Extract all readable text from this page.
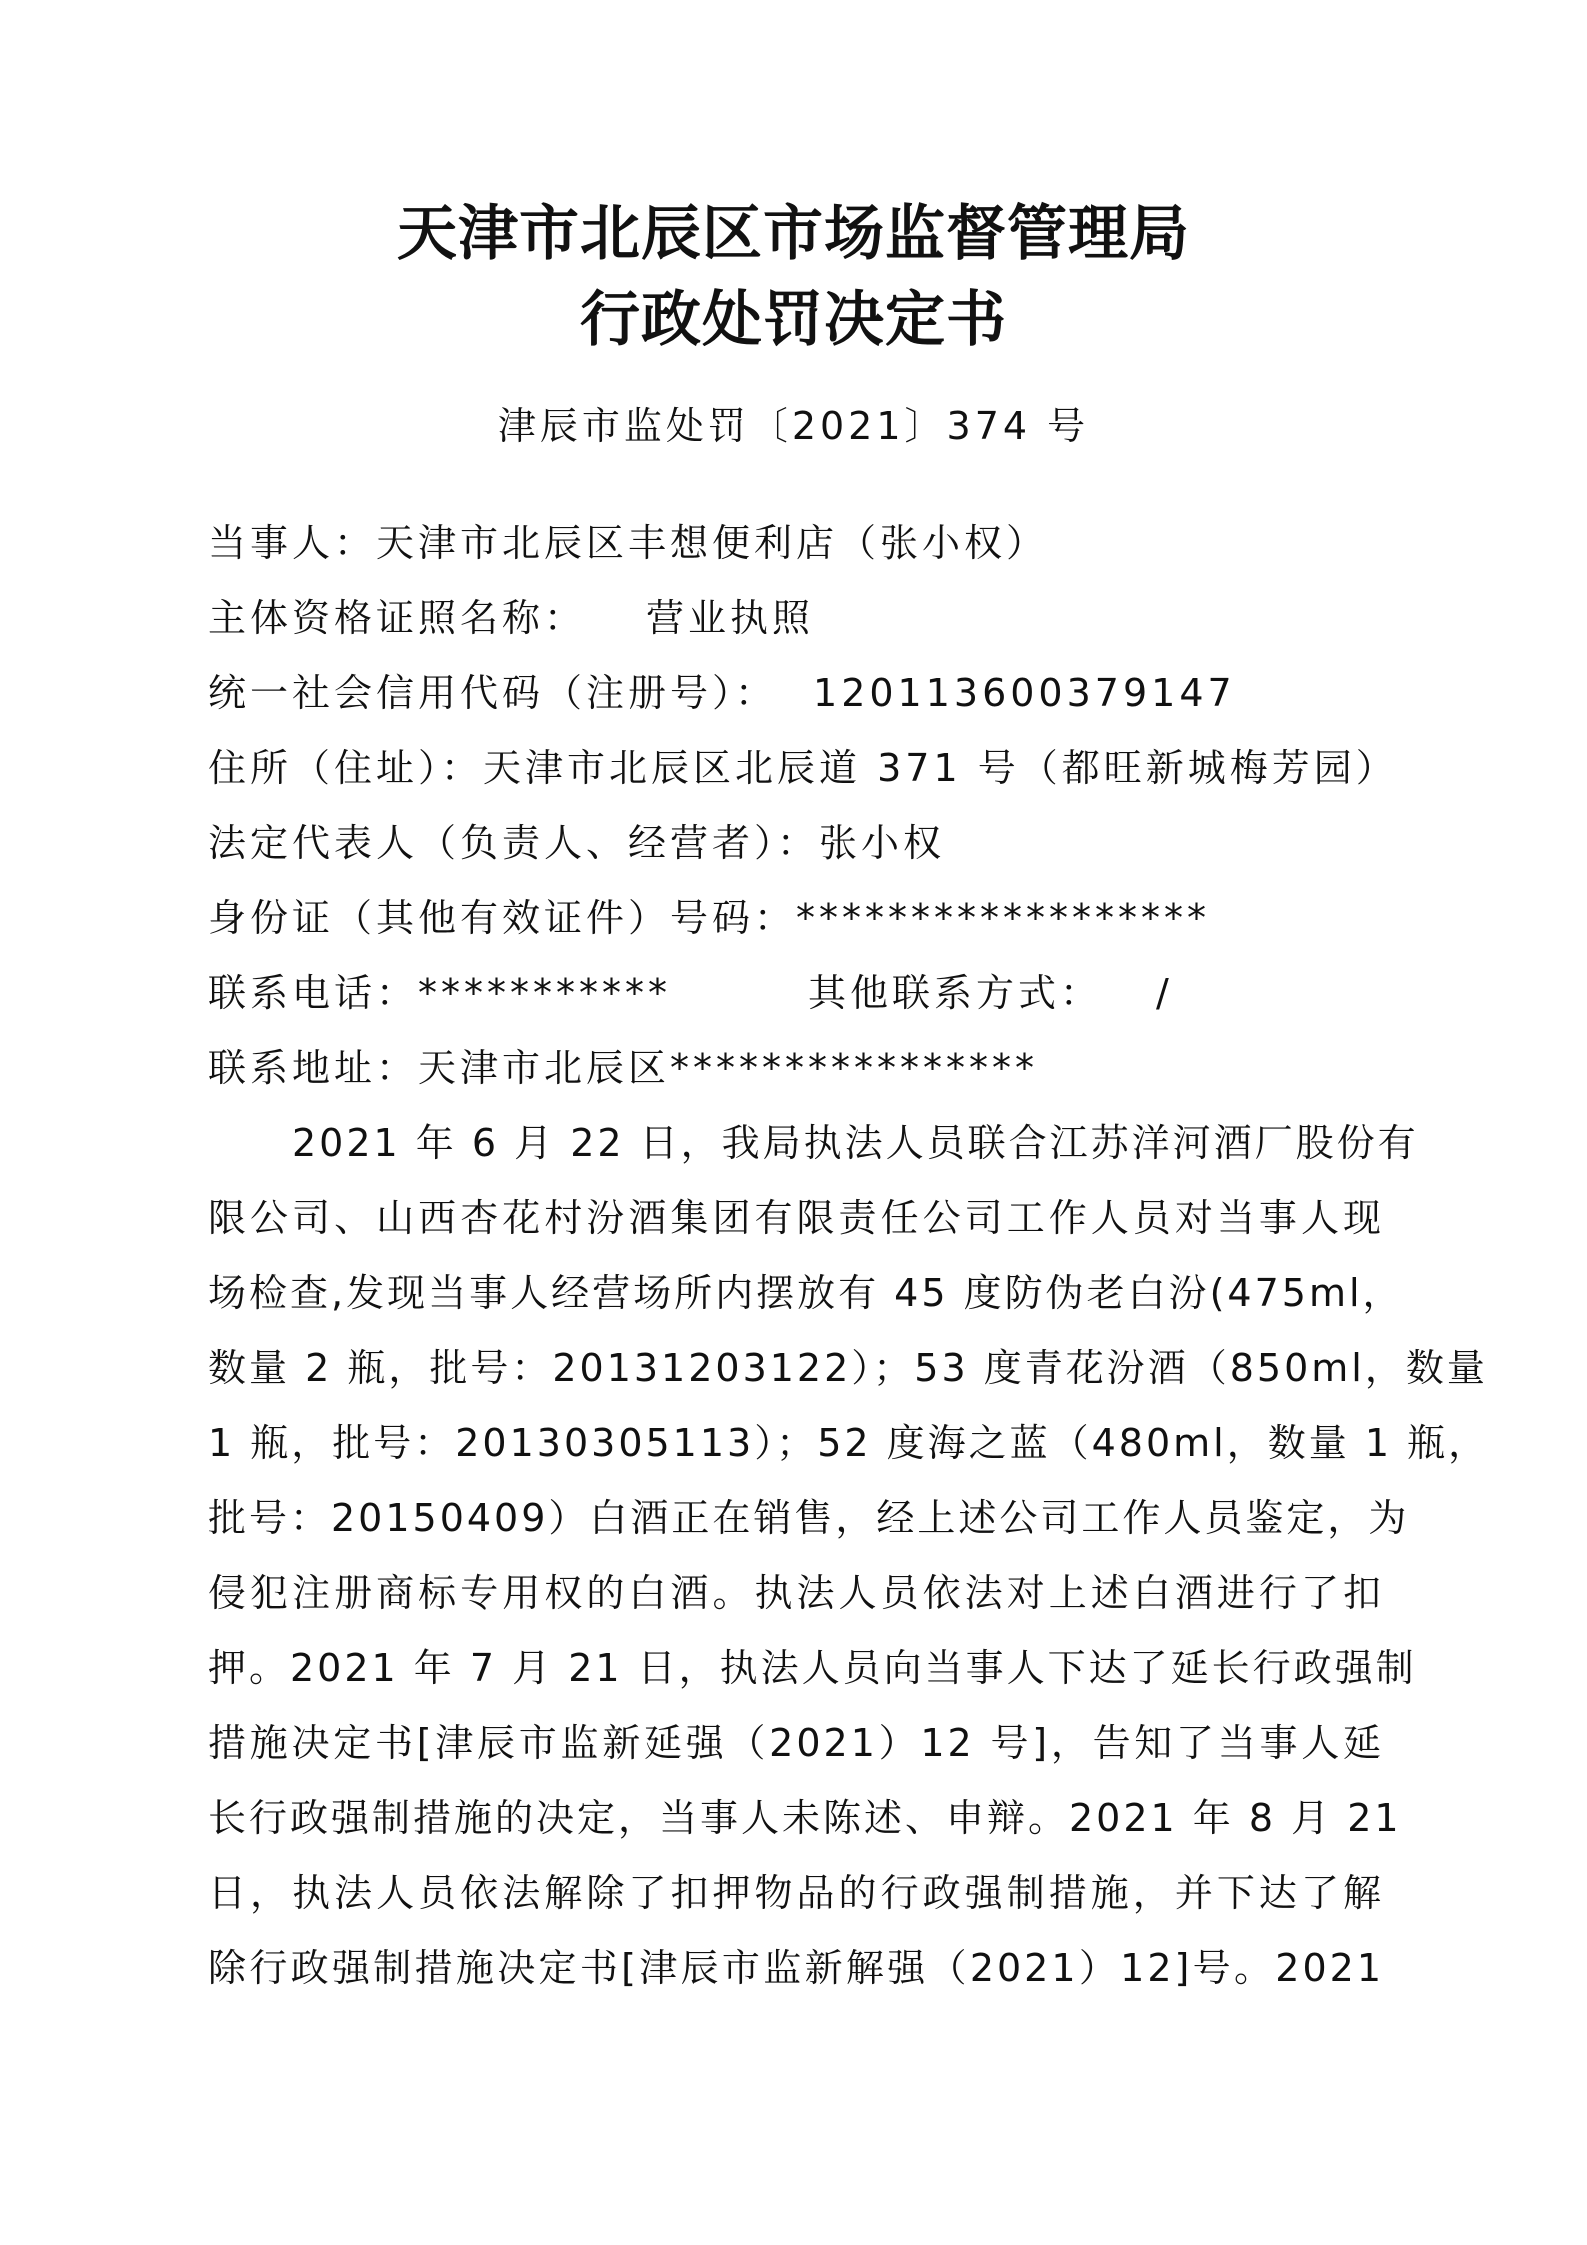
天津市北辰区市场监督管理局
行政处罚决定书
津辰市监处罚〔2021〕374 号
当事人：天津市北辰区丰想便利店（张小权）
主体资格证照名称： 营业执照
统一社会信用代码（注册号）： 120113600379147
住所（住址）：天津市北辰区北辰道 371 号（都旺新城梅芳园）
法定代表人（负责人、经营者）：张小权
身份证（其他有效证件）号码：******************
联系电话：***********	其他联系方式： /
联系地址：天津市北辰区****************
2021 年 6 月 22 日，我局执法人员联合江苏洋河酒厂股份有
限公司、山西杏花村汾酒集团有限责任公司工作人员对当事人现
场检查,发现当事人经营场所内摆放有 45 度防伪老白汾(475ml，
数量 2 瓶，批号：20131203122）；53 度青花汾酒（850ml，数量
1 瓶，批号：20130305113）；52 度海之蓝（480ml，数量 1 瓶，
批号：20150409）白酒正在销售，经上述公司工作人员鉴定，为
侵犯注册商标专用权的白酒。执法人员依法对上述白酒进行了扣
押。2021 年 7 月 21 日，执法人员向当事人下达了延长行政强制
措施决定书[津辰市监新延强（2021）12 号]，告知了当事人延
长行政强制措施的决定，当事人未陈述、申辩。2021 年 8 月 21
日，执法人员依法解除了扣押物品的行政强制措施，并下达了解
除行政强制措施决定书[津辰市监新解强（2021）12]号。2021
